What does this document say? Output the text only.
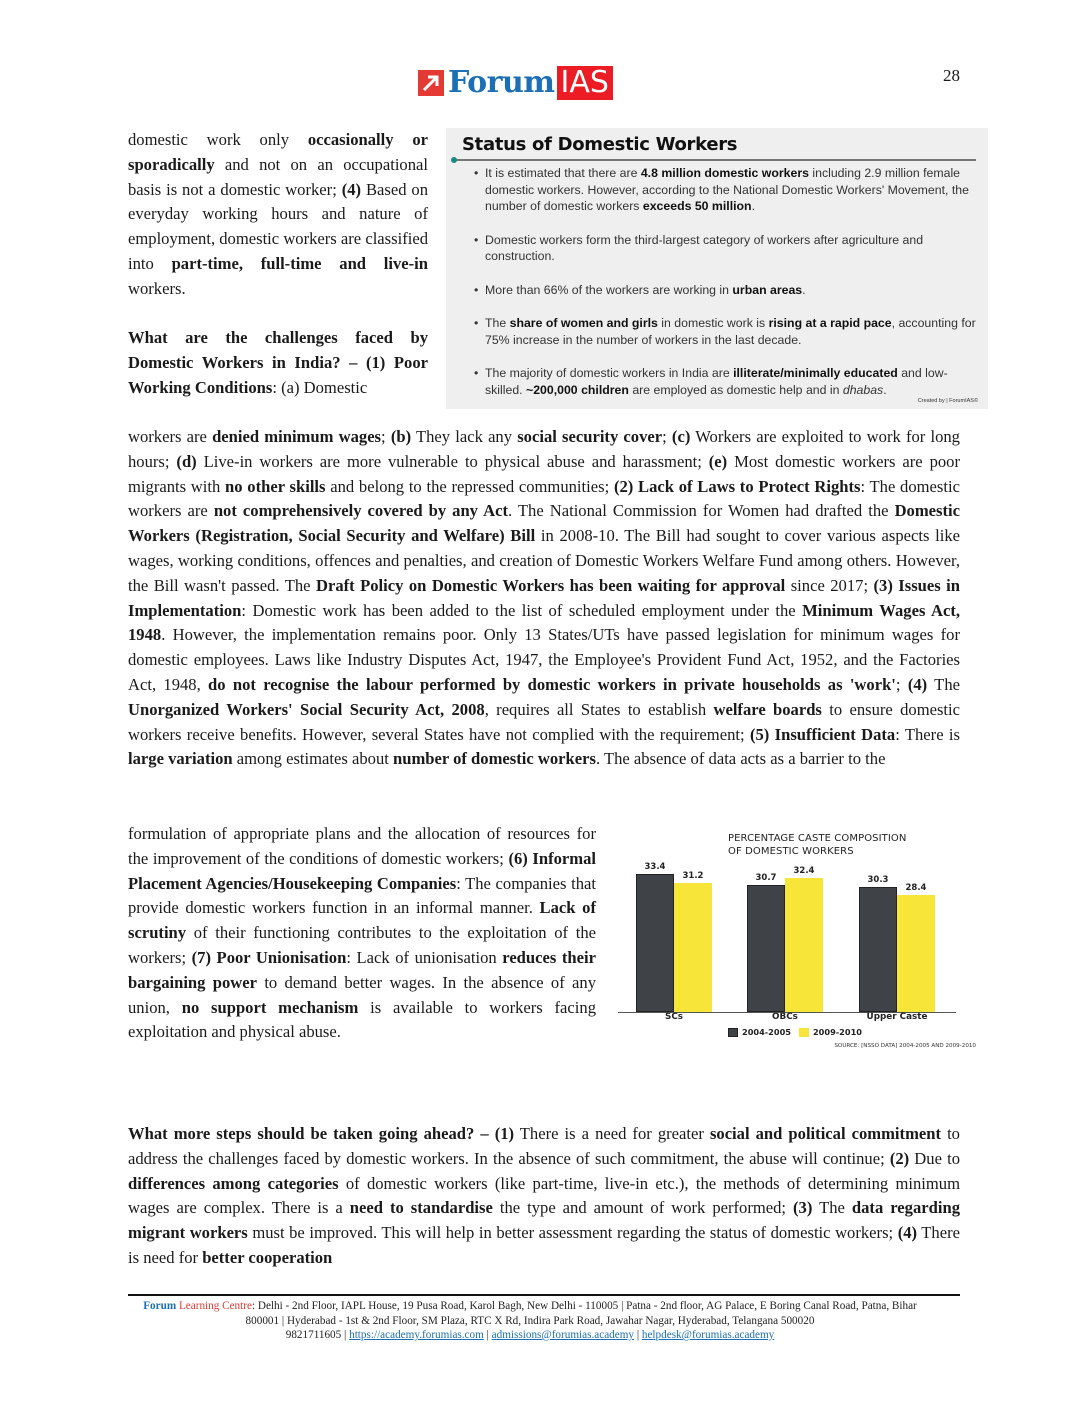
Forum IAS	28

domestic work only occasionally or sporadically and not on an occupational basis is not a domestic worker; (4) Based on everyday working hours and nature of employment, domestic workers are classified into part-time, full-time and live-in workers.

What are the challenges faced by Domestic Workers in India? – (1) Poor Working Conditions: (a) Domestic

Status of Domestic Workers
• It is estimated that there are 4.8 million domestic workers including 2.9 million female domestic workers. However, according to the National Domestic Workers' Movement, the number of domestic workers exceeds 50 million.
• Domestic workers form the third-largest category of workers after agriculture and construction.
• More than 66% of the workers are working in urban areas.
• The share of women and girls in domestic work is rising at a rapid pace, accounting for 75% increase in the number of workers in the last decade.
• The majority of domestic workers in India are illiterate/minimally educated and low-skilled. ~200,000 children are employed as domestic help and in dhabas.
Created by | ForumIAS©

workers are denied minimum wages; (b) They lack any social security cover; (c) Workers are exploited to work for long hours; (d) Live-in workers are more vulnerable to physical abuse and harassment; (e) Most domestic workers are poor migrants with no other skills and belong to the repressed communities; (2) Lack of Laws to Protect Rights: The domestic workers are not comprehensively covered by any Act. The National Commission for Women had drafted the Domestic Workers (Registration, Social Security and Welfare) Bill in 2008-10. The Bill had sought to cover various aspects like wages, working conditions, offences and penalties, and creation of Domestic Workers Welfare Fund among others. However, the Bill wasn't passed. The Draft Policy on Domestic Workers has been waiting for approval since 2017; (3) Issues in Implementation: Domestic work has been added to the list of scheduled employment under the Minimum Wages Act, 1948. However, the implementation remains poor. Only 13 States/UTs have passed legislation for minimum wages for domestic employees. Laws like Industry Disputes Act, 1947, the Employee's Provident Fund Act, 1952, and the Factories Act, 1948, do not recognise the labour performed by domestic workers in private households as 'work'; (4) The Unorganized Workers' Social Security Act, 2008, requires all States to establish welfare boards to ensure domestic workers receive benefits. However, several States have not complied with the requirement; (5) Insufficient Data: There is large variation among estimates about number of domestic workers. The absence of data acts as a barrier to the

formulation of appropriate plans and the allocation of resources for the improvement of the conditions of domestic workers; (6) Informal Placement Agencies/Housekeeping Companies: The companies that provide domestic workers function in an informal manner. Lack of scrutiny of their functioning contributes to the exploitation of the workers; (7) Poor Unionisation: Lack of unionisation reduces their bargaining power to demand better wages. In the absence of any union, no support mechanism is available to workers facing exploitation and physical abuse.

PERCENTAGE CASTE COMPOSITION
OF DOMESTIC WORKERS
33.4
31.2	30.7
32.4
30.3
28.4
SCs	OBCs	Upper Caste
2004-2005	2009-2010
SOURCE: [NSSO DATA] 2004-2005 AND 2009-2010

What more steps should be taken going ahead? – (1) There is a need for greater social and political commitment to address the challenges faced by domestic workers. In the absence of such commitment, the abuse will continue; (2) Due to differences among categories of domestic workers (like part-time, live-in etc.), the methods of determining minimum wages are complex. There is a need to standardise the type and amount of work performed; (3) The data regarding migrant workers must be improved. This will help in better assessment regarding the status of domestic workers; (4) There is need for better cooperation

Forum Learning Centre: Delhi - 2nd Floor, IAPL House, 19 Pusa Road, Karol Bagh, New Delhi - 110005 | Patna - 2nd floor, AG Palace, E Boring Canal Road, Patna, Bihar 800001 | Hyderabad - 1st & 2nd Floor, SM Plaza, RTC X Rd, Indira Park Road, Jawahar Nagar, Hyderabad, Telangana 500020
9821711605 | https://academy.forumias.com | admissions@forumias.academy | helpdesk@forumias.academy
